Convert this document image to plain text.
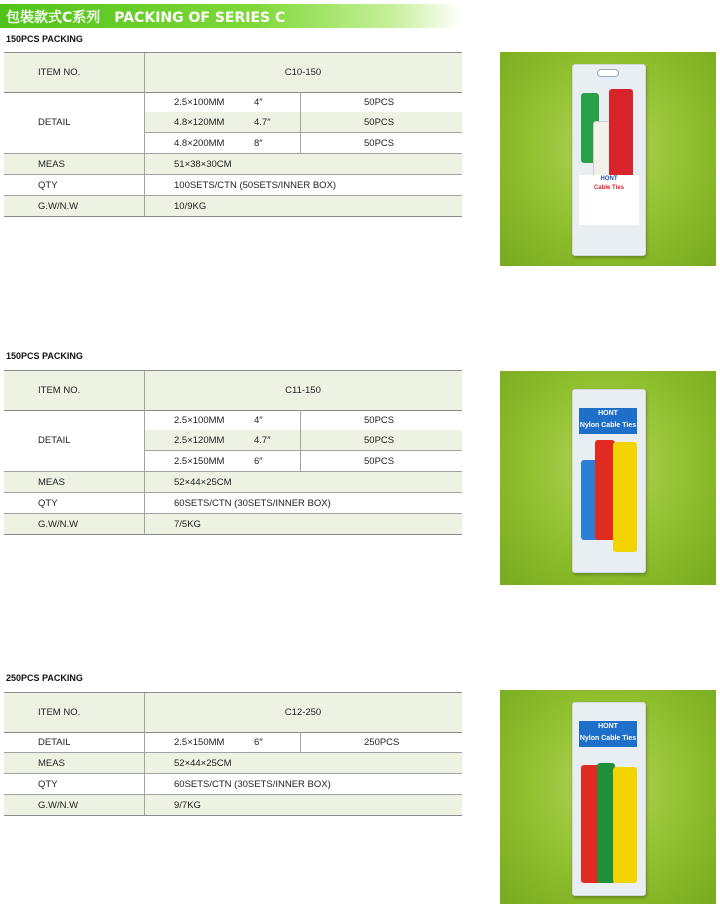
包裝款式C系列　PACKING OF SERIES C
150PCS PACKING
ITEM NO.	C10-150
DETAIL
2.5×100MM	4″	50PCS
4.8×120MM	4.7″	50PCS
4.8×200MM	8″	50PCS
MEAS	51×38×30CM
QTY	100SETS/CTN (50SETS/INNER BOX)
G.W/N.W	10/9KG
HONT
Cable Ties
150PCS PACKING
ITEM NO.	C11-150
DETAIL
2.5×100MM	4″	50PCS
2.5×120MM	4.7″	50PCS
2.5×150MM	6″	50PCS
MEAS	52×44×25CM
QTY	60SETS/CTN (30SETS/INNER BOX)
G.W/N.W	7/5KG
HONT
Nylon Cable Ties
250PCS PACKING
ITEM NO.	C12-250
DETAIL	2.5×150MM	6″	250PCS
MEAS	52×44×25CM
QTY	60SETS/CTN (30SETS/INNER BOX)
G.W/N.W	9/7KG
HONT
Nylon Cable Ties
